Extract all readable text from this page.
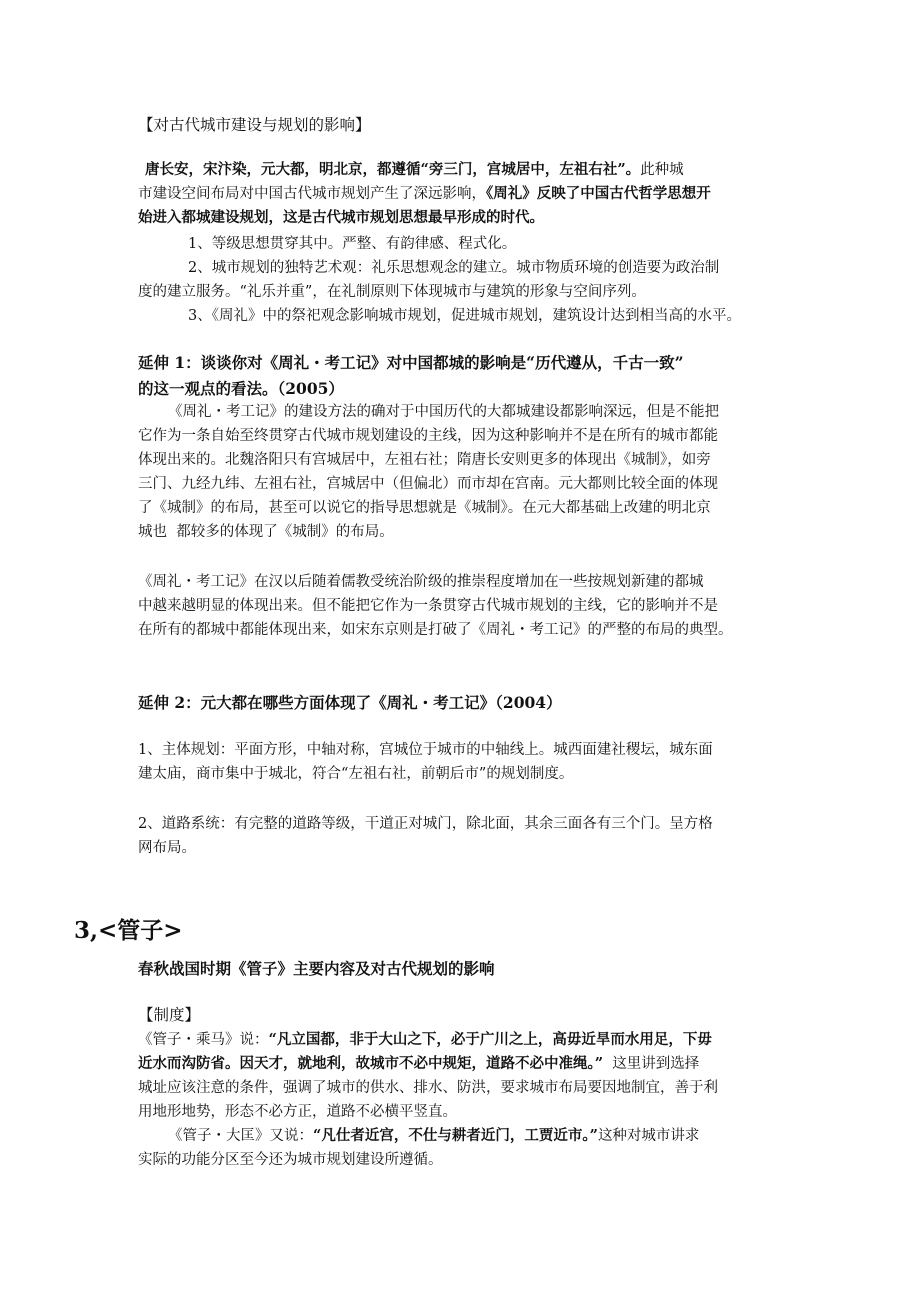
【对古代城市建设与规划的影响】
唐长安，宋汴染，元大都，明北京，都遵循“旁三门，宫城居中，左祖右社”。此种城
市建设空间布局对中国古代城市规划产生了深远影响，《周礼》反映了中国古代哲学思想开
始进入都城建设规划，这是古代城市规划思想最早形成的时代。
1、等级思想贯穿其中。严整、有韵律感、程式化。
2、城市规划的独特艺术观：礼乐思想观念的建立。城市物质环境的创造要为政治制
度的建立服务。“礼乐并重”，在礼制原则下体现城市与建筑的形象与空间序列。
3、《周礼》中的祭祀观念影响城市规划，促进城市规划，建筑设计达到相当高的水平。
延伸 1：谈谈你对《周礼・考工记》对中国都城的影响是“历代遵从，千古一致”
的这一观点的看法。（2005）
《周礼・考工记》的建设方法的确对于中国历代的大都城建设都影响深远，但是不能把
它作为一条自始至终贯穿古代城市规划建设的主线，因为这种影响并不是在所有的城市都能
体现出来的。北魏洛阳只有宫城居中，左祖右社；隋唐长安则更多的体现出《城制》，如旁
三门、九经九纬、左祖右社，宫城居中（但偏北）而市却在宫南。元大都则比较全面的体现
了《城制》的布局，甚至可以说它的指导思想就是《城制》。在元大都基础上改建的明北京
城也  都较多的体现了《城制》的布局。
《周礼・考工记》在汉以后随着儒教受统治阶级的推崇程度增加在一些按规划新建的都城
中越来越明显的体现出来。但不能把它作为一条贯穿古代城市规划的主线，它的影响并不是
在所有的都城中都能体现出来，如宋东京则是打破了《周礼・考工记》的严整的布局的典型。
延伸 2：元大都在哪些方面体现了《周礼・考工记》（2004）
1、主体规划：平面方形，中轴对称，宫城位于城市的中轴线上。城西面建社稷坛，城东面
建太庙，商市集中于城北，符合“左祖右社，前朝后市”的规划制度。
2、道路系统：有完整的道路等级，干道正对城门，除北面，其余三面各有三个门。呈方格
网布局。
3,<管子>
春秋战国时期《管子》主要内容及对古代规划的影响
【制度】
《管子・乘马》说：“凡立国都，非于大山之下，必于广川之上，高毋近旱而水用足，下毋
近水而沟防省。因天才，就地利，故城市不必中规矩，道路不必中准绳。”  这里讲到选择
城址应该注意的条件，强调了城市的供水、排水、防洪，要求城市布局要因地制宜，善于利
用地形地势，形态不必方正，道路不必横平竖直。
《管子・大匡》又说：“凡仕者近宫，不仕与耕者近门，工贾近市。”这种对城市讲求
实际的功能分区至今还为城市规划建设所遵循。
